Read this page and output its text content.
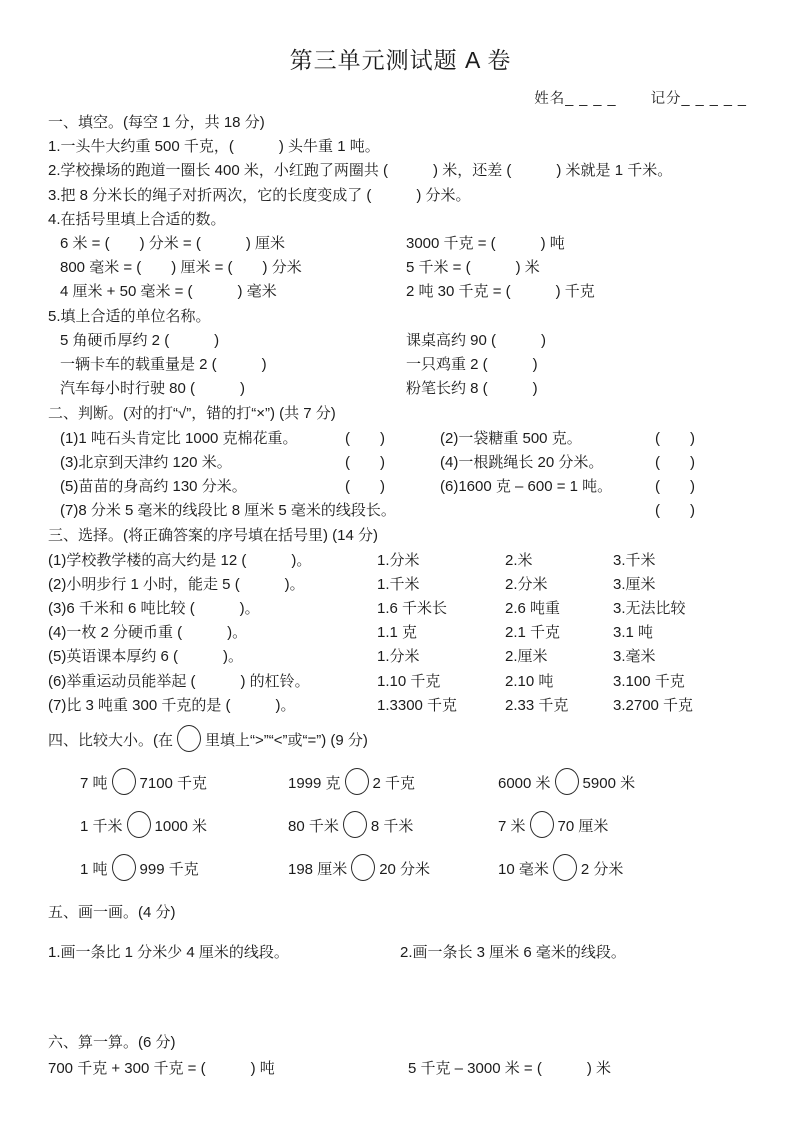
第三单元测试题 A 卷
姓名_ _ _ _ 记分_ _ _ _ _
一、填空。(每空 1 分，共 18 分)
1.一头牛大约重 500 千克，(　　　) 头牛重 1 吨。
2.学校操场的跑道一圈长 400 米，小红跑了两圈共 (　　　) 米，还差 (　　　) 米就是 1 千米。
3.把 8 分米长的绳子对折两次，它的长度变成了 (　　　) 分米。
4.在括号里填上合适的数。
6 米 = (　　) 分米 = (　　　) 厘米	3000 千克 = (　　　) 吨
800 毫米 = (　　) 厘米 = (　　) 分米	5 千米 = (　　　) 米
4 厘米 + 50 毫米 = (　　　) 毫米	2 吨 30 千克 = (　　　) 千克
5.填上合适的单位名称。
5 角硬币厚约 2 (　　　)	课桌高约 90 (　　　)
一辆卡车的载重量是 2 (　　　)	一只鸡重 2 (　　　)
汽车每小时行驶 80 (　　　)	粉笔长约 8 (　　　)
二、判断。(对的打“√”，错的打“×”) (共 7 分)
(1)1 吨石头肯定比 1000 克棉花重。	(　　)	(2)一袋糖重 500 克。	(　　)
(3)北京到天津约 120 米。	(　　)	(4)一根跳绳长 20 分米。	(　　)
(5)苗苗的身高约 130 分米。	(　　)	(6)1600 克 – 600 = 1 吨。	(　　)
(7)8 分米 5 毫米的线段比 8 厘米 5 毫米的线段长。	(　　)
三、选择。(将正确答案的序号填在括号里) (14 分)
(1)学校教学楼的高大约是 12 (　　　)。	1.分米	2.米	3.千米
(2)小明步行 1 小时，能走 5 (　　　)。	1.千米	2.分米	3.厘米
(3)6 千米和 6 吨比较 (　　　)。	1.6 千米长	2.6 吨重	3.无法比较
(4)一枚 2 分硬币重 (　　　)。	1.1 克	2.1 千克	3.1 吨
(5)英语课本厚约 6 (　　　)。	1.分米	2.厘米	3.毫米
(6)举重运动员能举起 (　　　) 的杠铃。	1.10 千克	2.10 吨	3.100 千克
(7)比 3 吨重 300 千克的是 (　　　)。	1.3300 千克	2.33 千克	3.2700 千克
四、比较大小。(在 里填上“>”“<”或“=”) (9 分)
7 吨 7100 千克	1999 克 2 千克	6000 米 5900 米
1 千米 1000 米	80 千米 8 千米	7 米 70 厘米
1 吨 999 千克	198 厘米 20 分米	10 毫米 2 分米
五、画一画。(4 分)
1.画一条比 1 分米少 4 厘米的线段。	2.画一条长 3 厘米 6 毫米的线段。
六、算一算。(6 分)
700 千克 + 300 千克 = (　　　) 吨	5 千克 – 3000 米 = (　　　) 米
